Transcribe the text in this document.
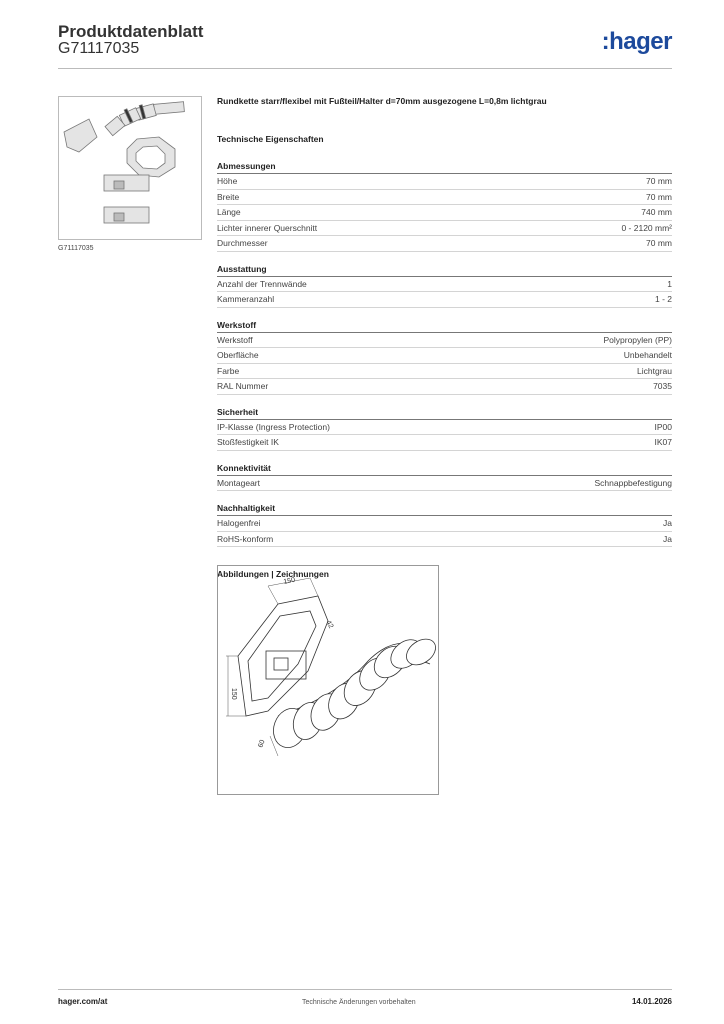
Produktdatenblatt
G71117035	:hager
G71117035
Rundkette starr/flexibel mit Fußteil/Halter d=70mm ausgezogene L=0,8m lichtgrau
Technische Eigenschaften
Abmessungen
Höhe	70 mm
Breite	70 mm
Länge	740 mm
Lichter innerer Querschnitt	0 - 2120 mm²
Durchmesser	70 mm
Ausstattung
Anzahl der Trennwände	1
Kammeranzahl	1 - 2
Werkstoff
Werkstoff	Polypropylen (PP)
Oberfläche	Unbehandelt
Farbe	Lichtgrau
RAL Nummer	7035
Sicherheit
IP-Klasse (Ingress Protection)	IP00
Stoßfestigkeit IK	IK07
Konnektivität
Montageart	Schnappbefestigung
Nachhaltigkeit
Halogenfrei	Ja
RoHS-konform	Ja
Abbildungen | Zeichnungen
150
150
42
60
hager.com/at	Technische Änderungen vorbehalten	14.01.2026
